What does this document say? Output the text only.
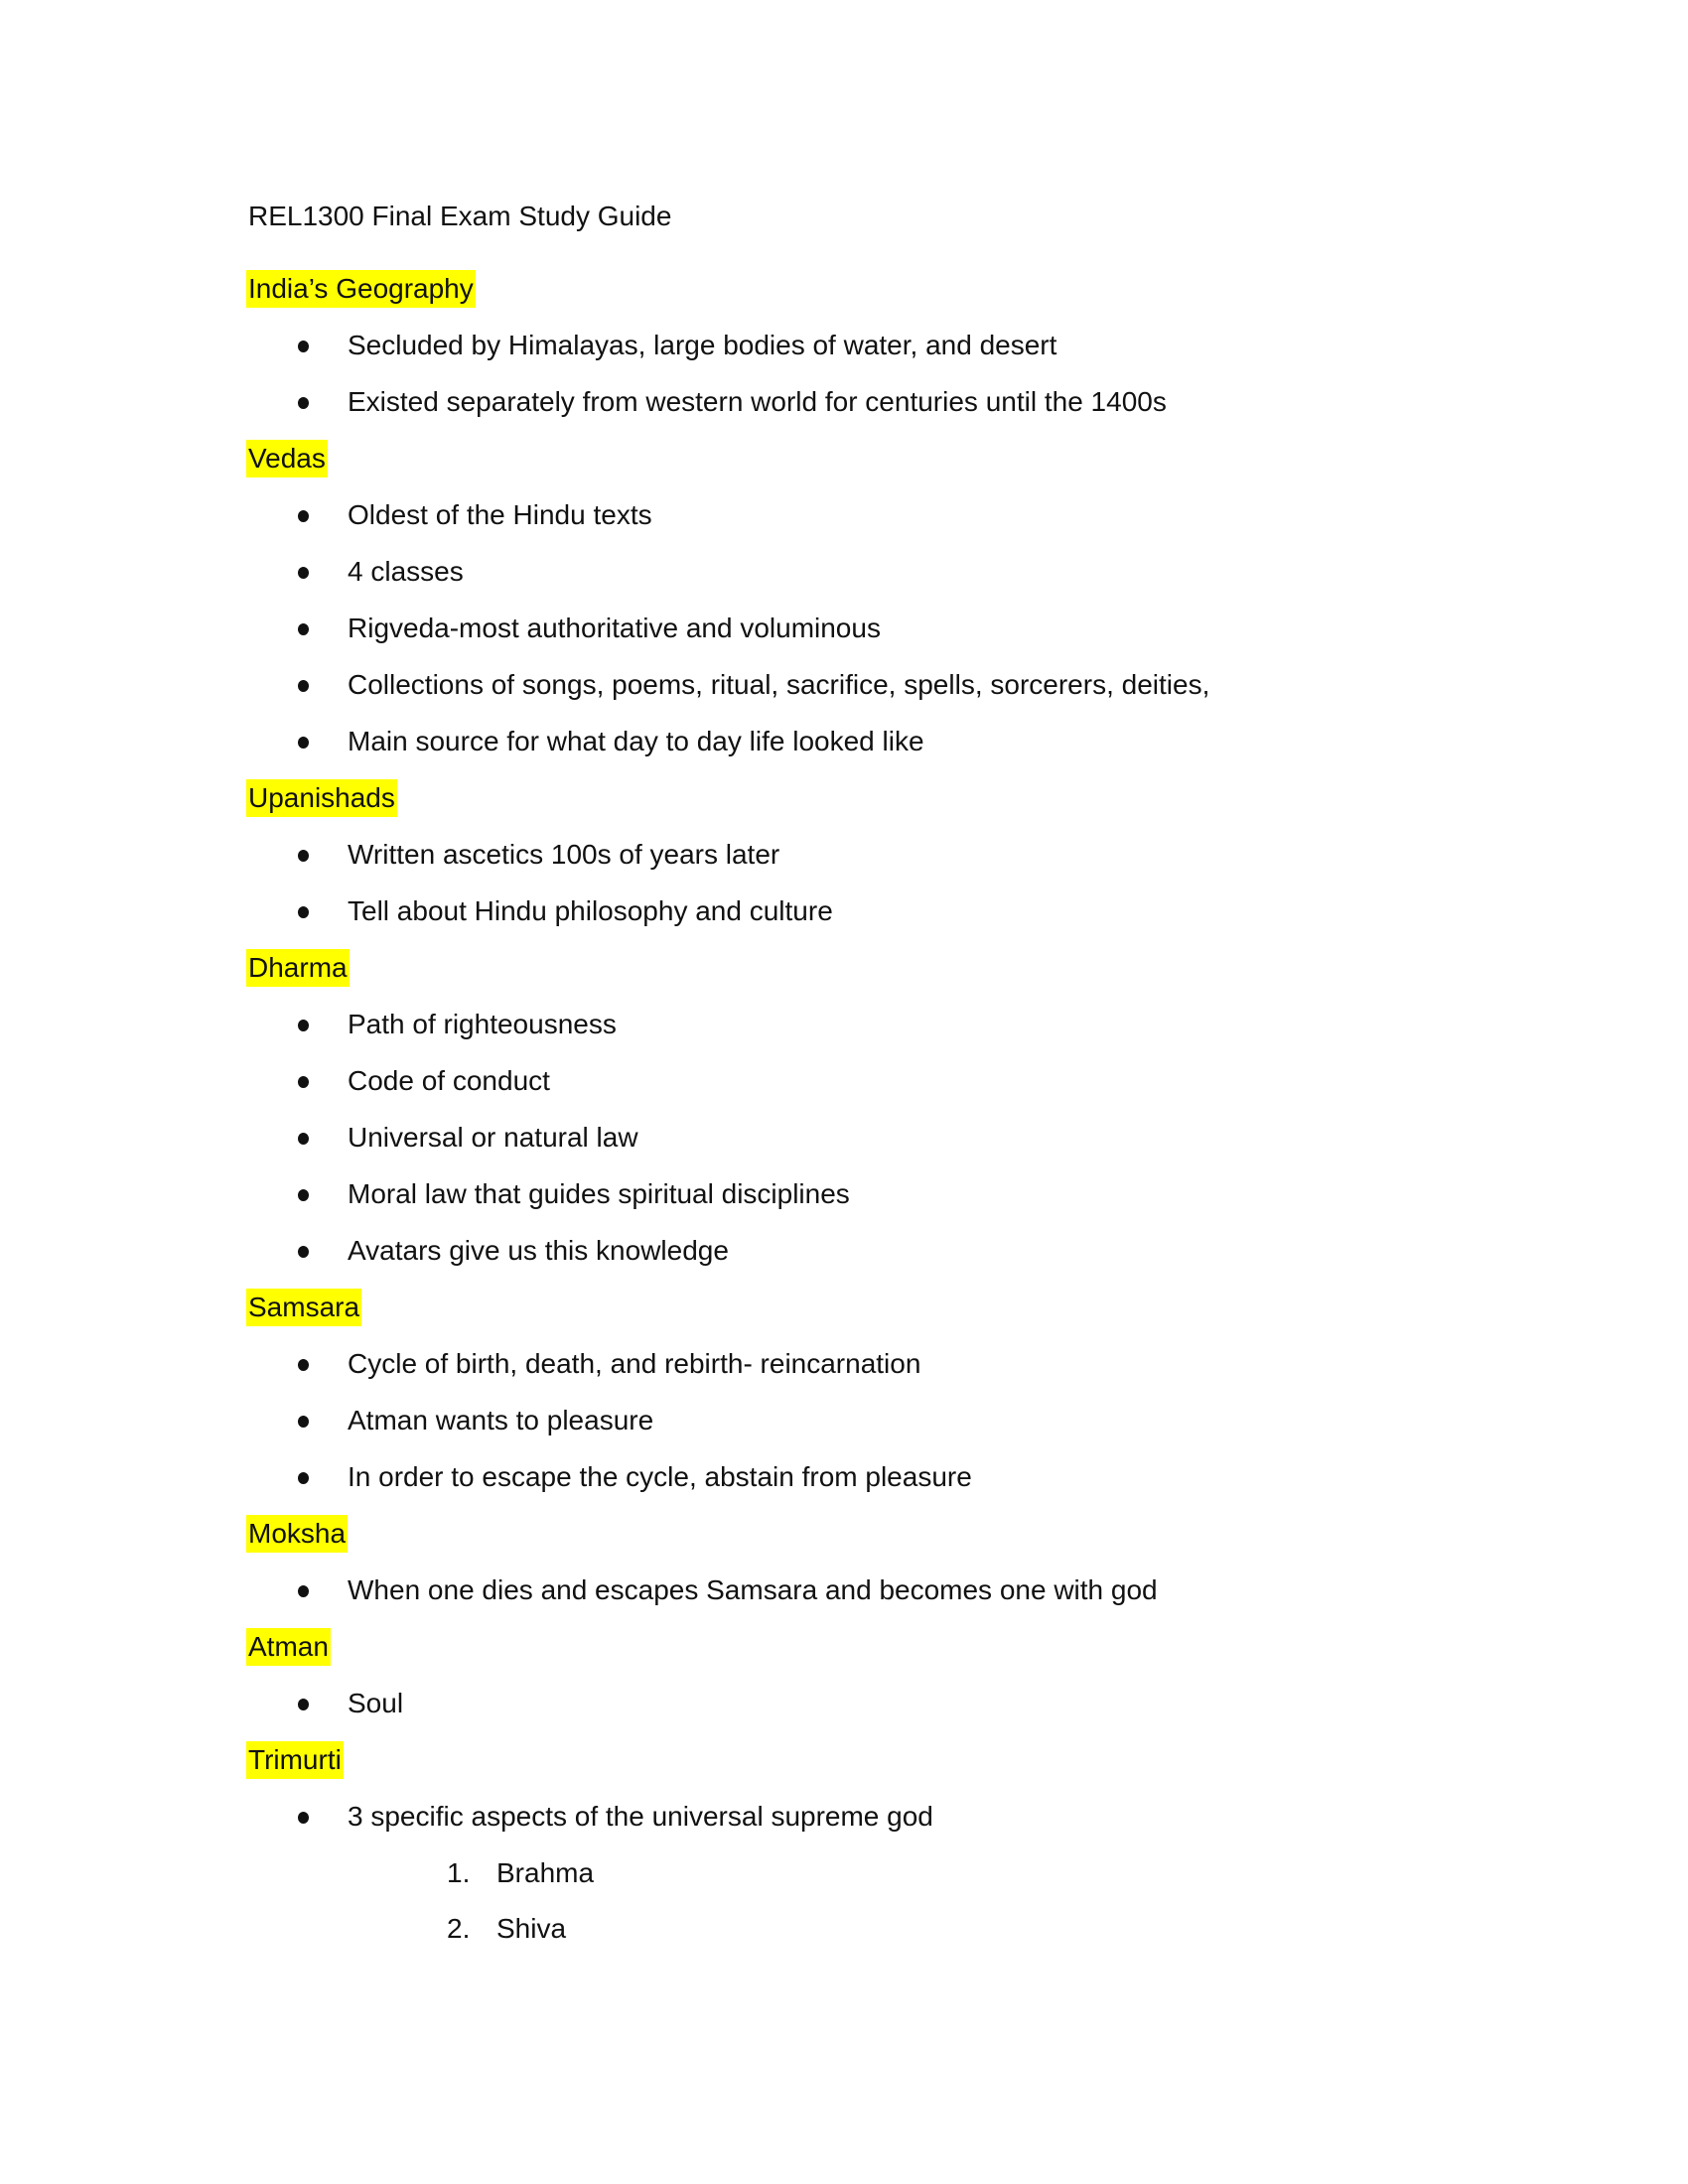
REL1300 Final Exam Study Guide
India’s Geography
Secluded by Himalayas, large bodies of water, and desert
Existed separately from western world for centuries until the 1400s
Vedas
Oldest of the Hindu texts
4 classes
Rigveda-most authoritative and voluminous
Collections of songs, poems, ritual, sacrifice, spells, sorcerers, deities,
Main source for what day to day life looked like
Upanishads
Written ascetics 100s of years later
Tell about Hindu philosophy and culture
Dharma
Path of righteousness
Code of conduct
Universal or natural law
Moral law that guides spiritual disciplines
Avatars give us this knowledge
Samsara
Cycle of birth, death, and rebirth- reincarnation
Atman wants to pleasure
In order to escape the cycle, abstain from pleasure
Moksha
When one dies and escapes Samsara and becomes one with god
Atman
Soul
Trimurti
3 specific aspects of the universal supreme god
1. Brahma
2. Shiva
